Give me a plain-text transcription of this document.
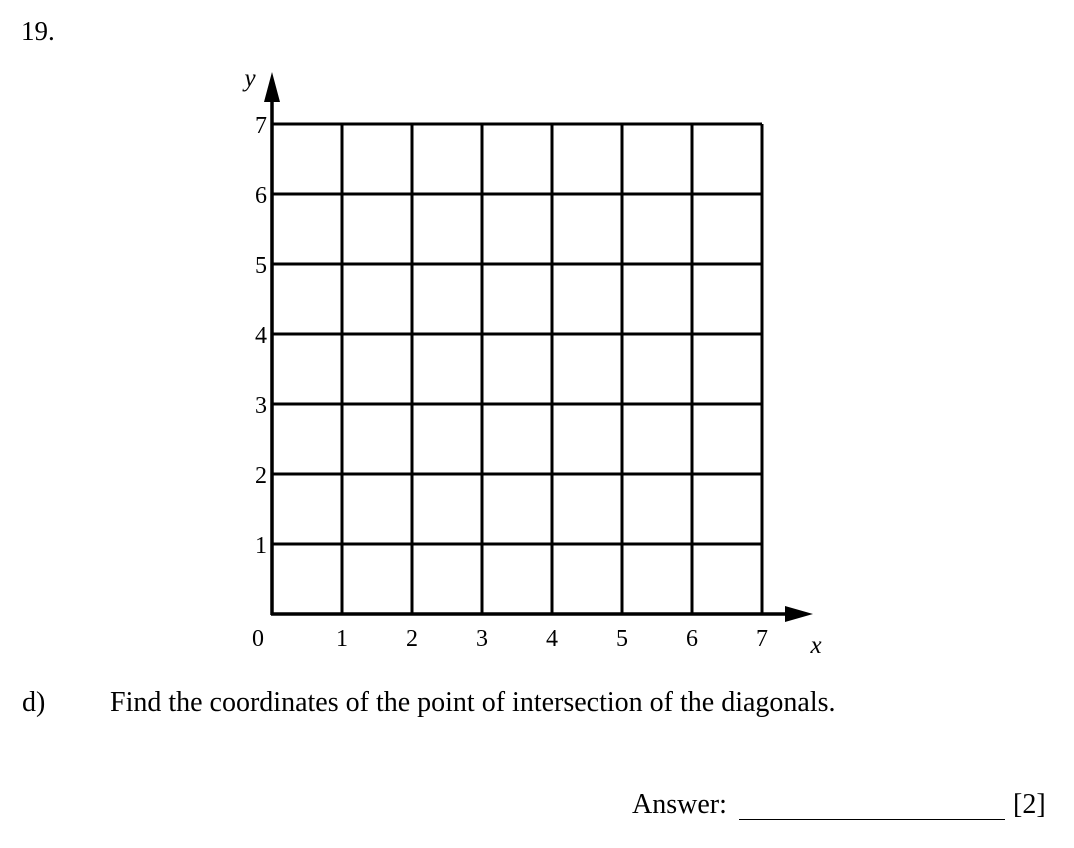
19.
0	1 2 3 4 5 6 7
1
2
3
4
5
6
7
x
y
d) Find the coordinates of the point of intersection of the diagonals.
Answer:	[2]
